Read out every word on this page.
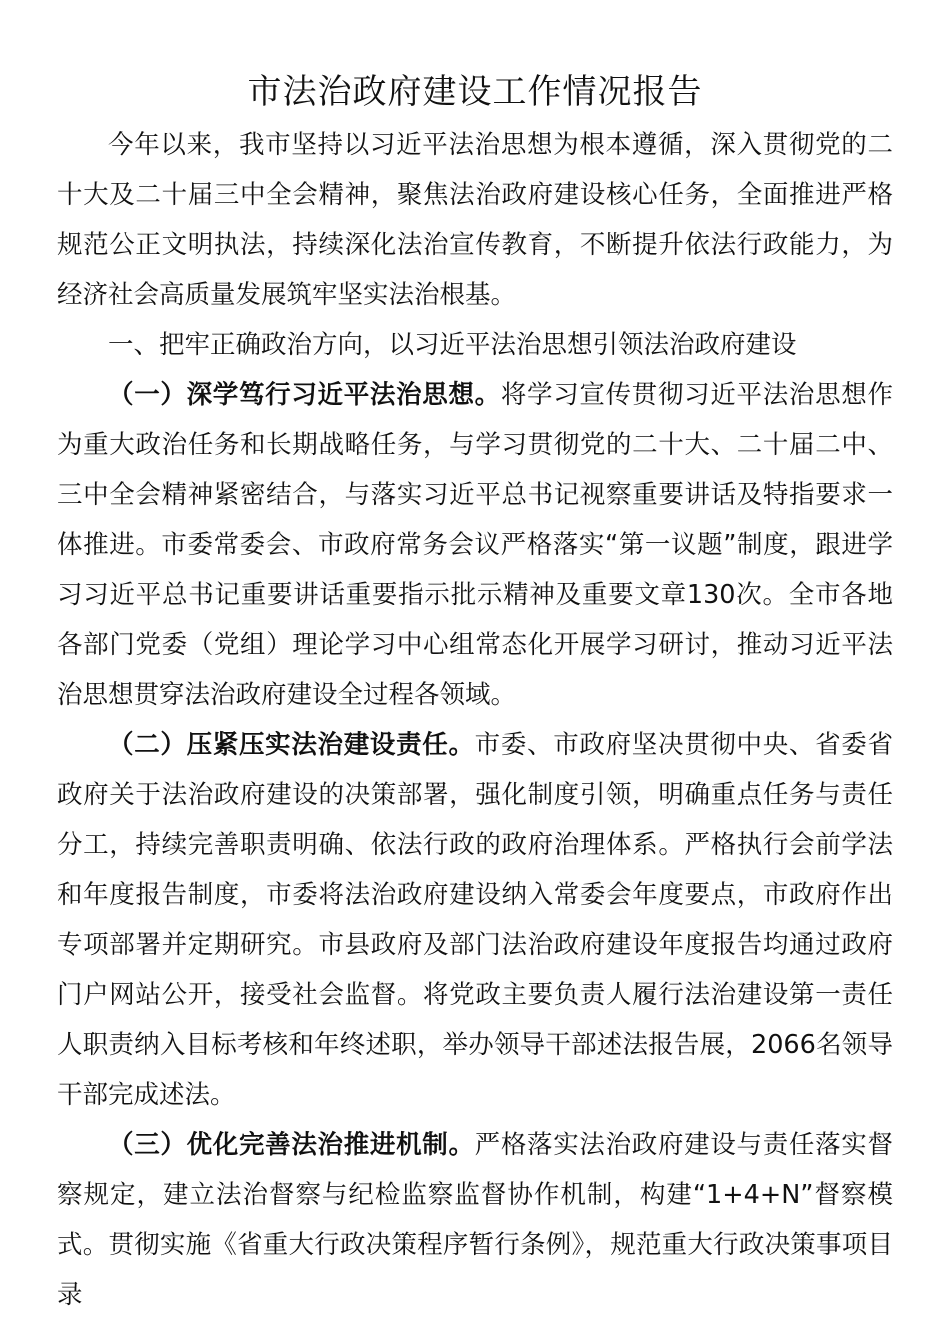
市法治政府建设工作情况报告

今年以来，我市坚持以习近平法治思想为根本遵循，深入贯彻党的二十大及二十届三中全会精神，聚焦法治政府建设核心任务，全面推进严格规范公正文明执法，持续深化法治宣传教育，不断提升依法行政能力，为经济社会高质量发展筑牢坚实法治根基。

一、把牢正确政治方向，以习近平法治思想引领法治政府建设

（一）深学笃行习近平法治思想。将学习宣传贯彻习近平法治思想作为重大政治任务和长期战略任务，与学习贯彻党的二十大、二十届二中、三中全会精神紧密结合，与落实习近平总书记视察重要讲话及特指要求一体推进。市委常委会、市政府常务会议严格落实“第一议题”制度，跟进学习习近平总书记重要讲话重要指示批示精神及重要文章130次。全市各地各部门党委（党组）理论学习中心组常态化开展学习研讨，推动习近平法治思想贯穿法治政府建设全过程各领域。

（二）压紧压实法治建设责任。市委、市政府坚决贯彻中央、省委省政府关于法治政府建设的决策部署，强化制度引领，明确重点任务与责任分工，持续完善职责明确、依法行政的政府治理体系。严格执行会前学法和年度报告制度，市委将法治政府建设纳入常委会年度要点，市政府作出专项部署并定期研究。市县政府及部门法治政府建设年度报告均通过政府门户网站公开，接受社会监督。将党政主要负责人履行法治建设第一责任人职责纳入目标考核和年终述职，举办领导干部述法报告展，2066名领导干部完成述法。

（三）优化完善法治推进机制。严格落实法治政府建设与责任落实督察规定，建立法治督察与纪检监察监督协作机制，构建“1+4+N”督察模式。贯彻实施《省重大行政决策程序暂行条例》，规范重大行政决策事项目录
